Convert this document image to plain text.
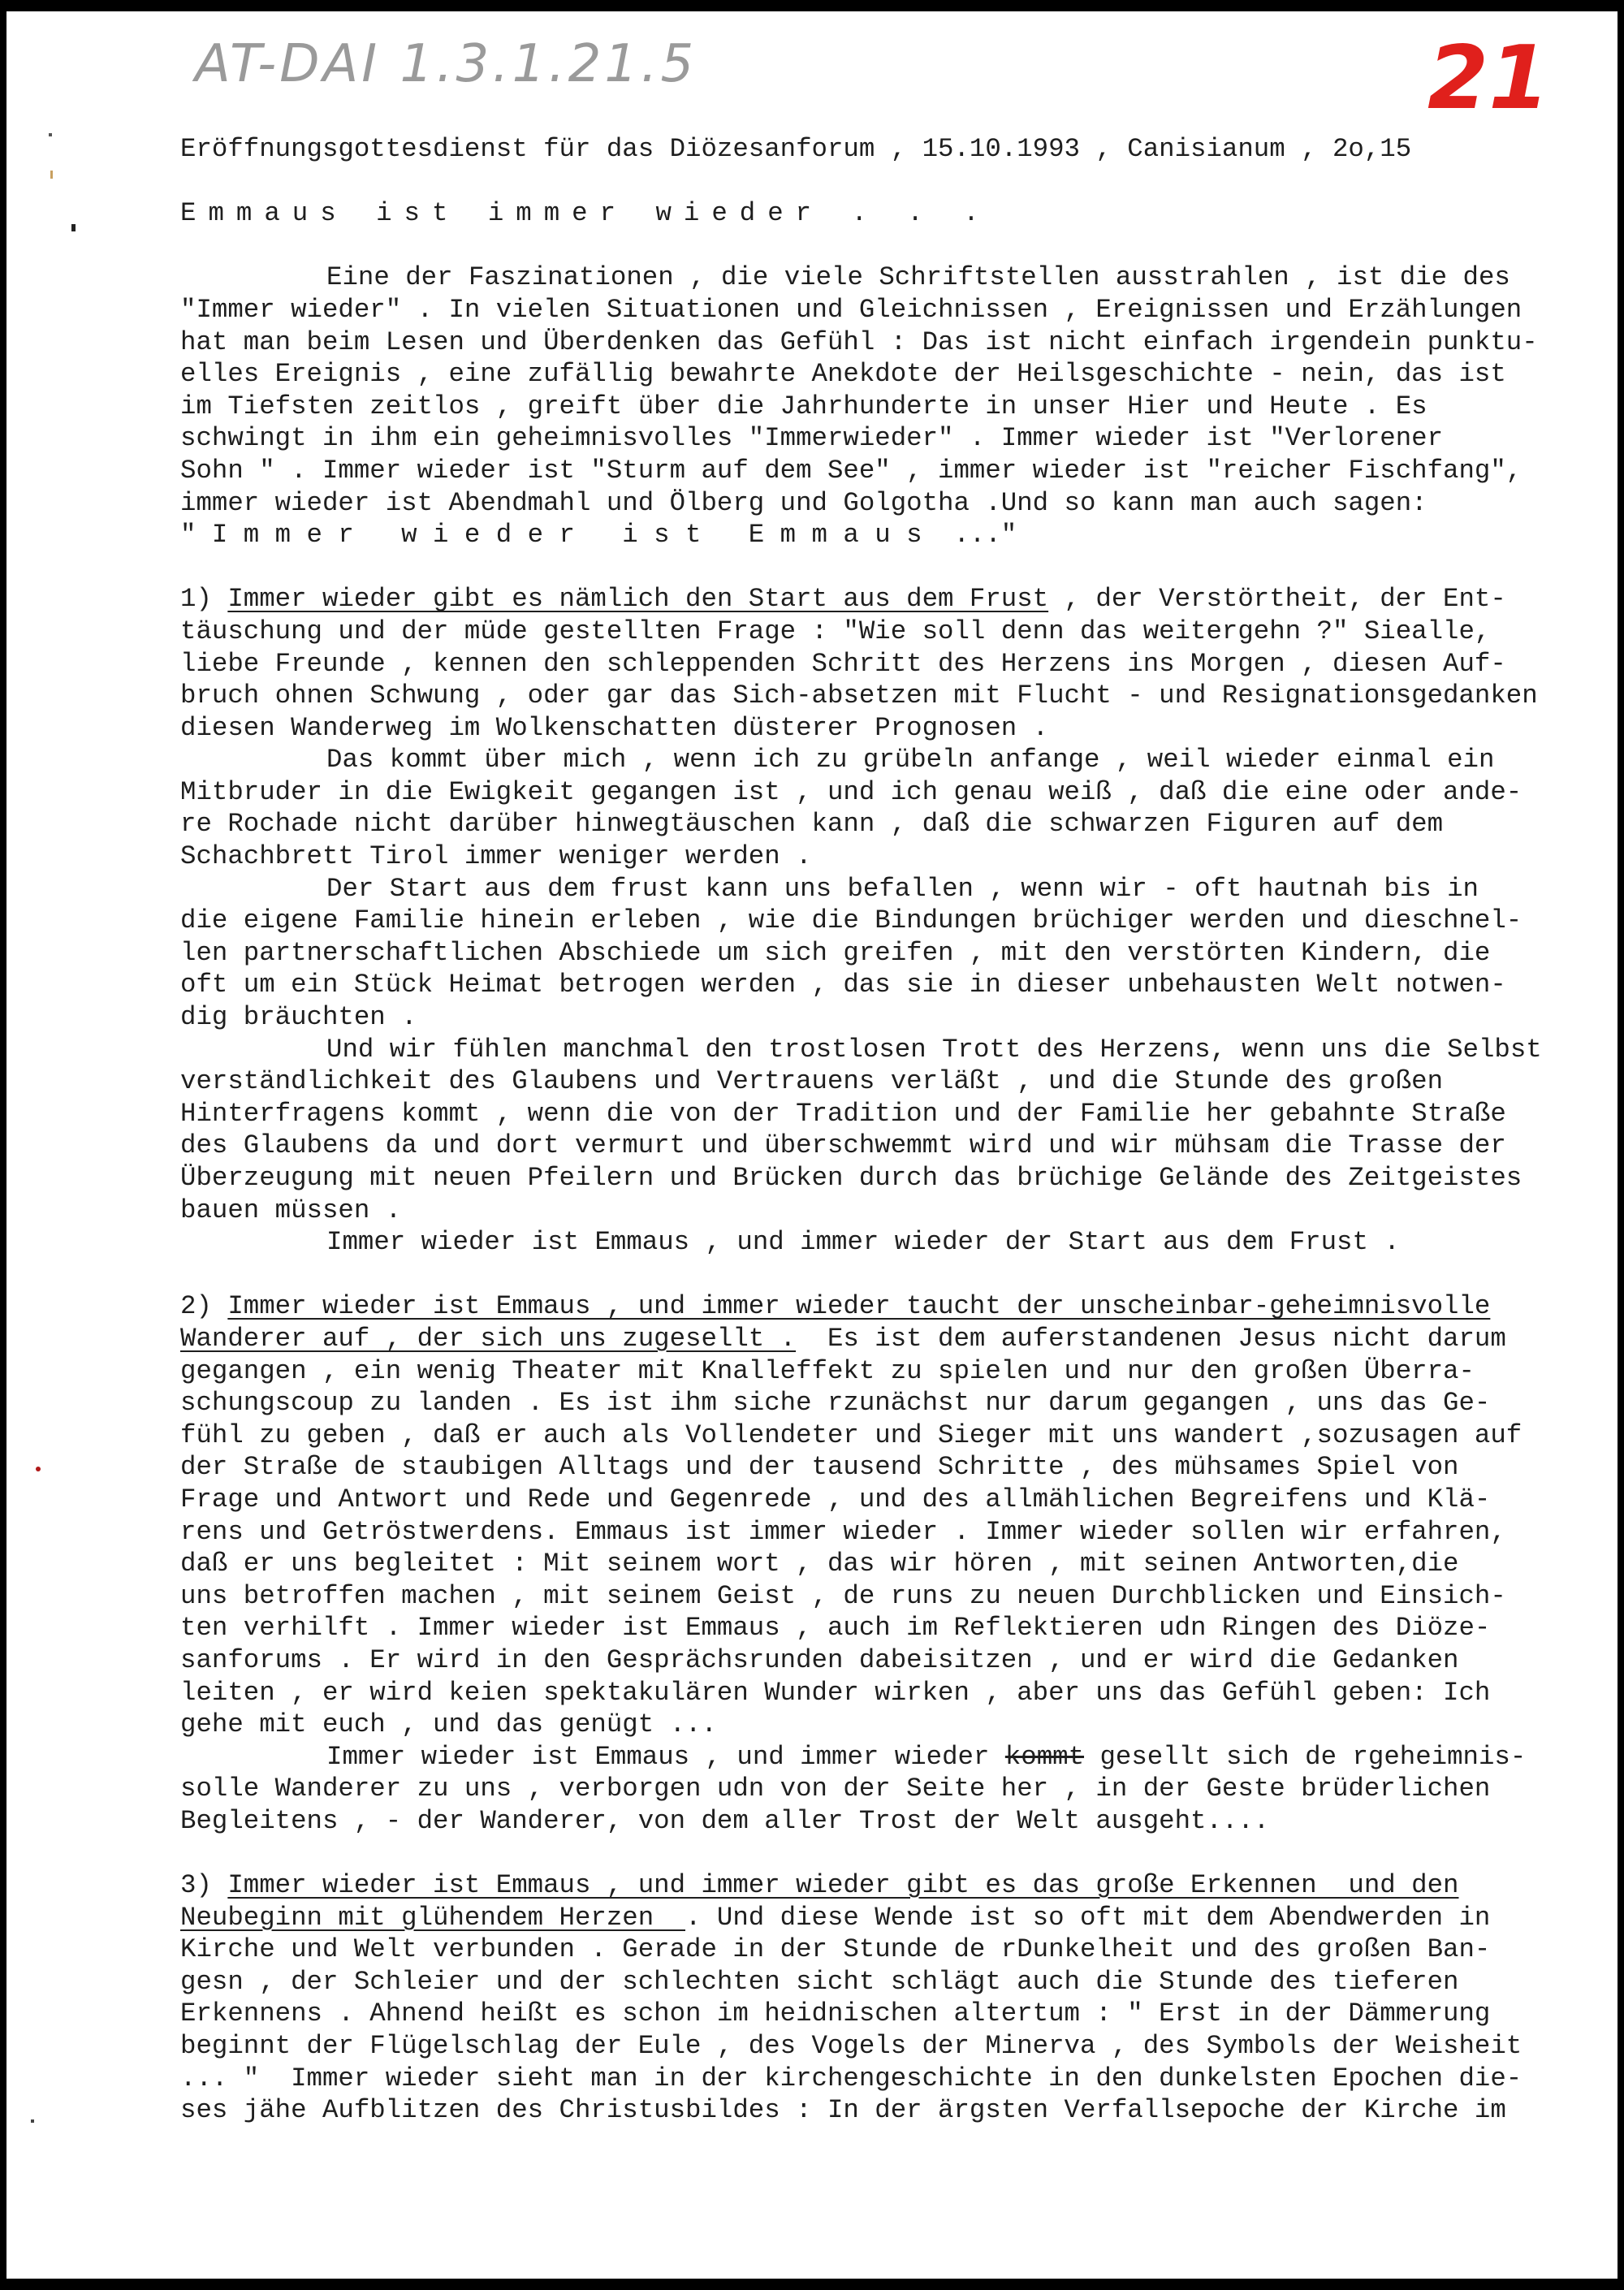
AT-DAI 1.3.1.21.5	21
Eröffnungsgottesdienst für das Diözesanforum , 15.10.1993 , Canisianum , 2o,15
Emmaus ist immer wieder . . .
Eine der Faszinationen , die viele Schriftstellen ausstrahlen , ist die des
"Immer wieder" . In vielen Situationen und Gleichnissen , Ereignissen und Erzählungen
hat man beim Lesen und Überdenken das Gefühl : Das ist nicht einfach irgendein punktu-
elles Ereignis , eine zufällig bewahrte Anekdote der Heilsgeschichte - nein, das ist
im Tiefsten zeitlos , greift über die Jahrhunderte in unser Hier und Heute . Es
schwingt in ihm ein geheimnisvolles "Immerwieder" . Immer wieder ist "Verlorener
Sohn " . Immer wieder ist "Sturm auf dem See" , immer wieder ist "reicher Fischfang",
immer wieder ist Abendmahl und Ölberg und Golgotha .Und so kann man auch sagen:
" I m m e r   w i e d e r   i s t   E m m a u s  ..."
1) Immer wieder gibt es nämlich den Start aus dem Frust , der Verstörtheit, der Ent-
täuschung und der müde gestellten Frage : "Wie soll denn das weitergehn ?" Siealle,
liebe Freunde , kennen den schleppenden Schritt des Herzens ins Morgen , diesen Auf-
bruch ohnen Schwung , oder gar das Sich-absetzen mit Flucht - und Resignationsgedanken
diesen Wanderweg im Wolkenschatten düsterer Prognosen .
Das kommt über mich , wenn ich zu grübeln anfange , weil wieder einmal ein
Mitbruder in die Ewigkeit gegangen ist , und ich genau weiß , daß die eine oder ande-
re Rochade nicht darüber hinwegtäuschen kann , daß die schwarzen Figuren auf dem
Schachbrett Tirol immer weniger werden .
Der Start aus dem frust kann uns befallen , wenn wir - oft hautnah bis in
die eigene Familie hinein erleben , wie die Bindungen brüchiger werden und dieschnel-
len partnerschaftlichen Abschiede um sich greifen , mit den verstörten Kindern, die
oft um ein Stück Heimat betrogen werden , das sie in dieser unbehausten Welt notwen-
dig bräuchten .
Und wir fühlen manchmal den trostlosen Trott des Herzens, wenn uns die Selbst
verständlichkeit des Glaubens und Vertrauens verläßt , und die Stunde des großen
Hinterfragens kommt , wenn die von der Tradition und der Familie her gebahnte Straße
des Glaubens da und dort vermurt und überschwemmt wird und wir mühsam die Trasse der
Überzeugung mit neuen Pfeilern und Brücken durch das brüchige Gelände des Zeitgeistes
bauen müssen .
Immer wieder ist Emmaus , und immer wieder der Start aus dem Frust .
2) Immer wieder ist Emmaus , und immer wieder taucht der unscheinbar-geheimnisvolle
Wanderer auf , der sich uns zugesellt .  Es ist dem auferstandenen Jesus nicht darum
gegangen , ein wenig Theater mit Knalleffekt zu spielen und nur den großen Überra-
schungscoup zu landen . Es ist ihm siche rzunächst nur darum gegangen , uns das Ge-
fühl zu geben , daß er auch als Vollendeter und Sieger mit uns wandert ,sozusagen auf
der Straße de staubigen Alltags und der tausend Schritte , des mühsames Spiel von
Frage und Antwort und Rede und Gegenrede , und des allmählichen Begreifens und Klä-
rens und Getröstwerdens. Emmaus ist immer wieder . Immer wieder sollen wir erfahren,
daß er uns begleitet : Mit seinem wort , das wir hören , mit seinen Antworten,die
uns betroffen machen , mit seinem Geist , de runs zu neuen Durchblicken und Einsich-
ten verhilft . Immer wieder ist Emmaus , auch im Reflektieren udn Ringen des Diöze-
sanforums . Er wird in den Gesprächsrunden dabeisitzen , und er wird die Gedanken
leiten , er wird keien spektakulären Wunder wirken , aber uns das Gefühl geben: Ich
gehe mit euch , und das genügt ...
Immer wieder ist Emmaus , und immer wieder kommt gesellt sich de rgeheimnis-
solle Wanderer zu uns , verborgen udn von der Seite her , in der Geste brüderlichen
Begleitens , - der Wanderer, von dem aller Trost der Welt ausgeht....
3) Immer wieder ist Emmaus , und immer wieder gibt es das große Erkennen  und den
Neubeginn mit glühendem Herzen  . Und diese Wende ist so oft mit dem Abendwerden in
Kirche und Welt verbunden . Gerade in der Stunde de rDunkelheit und des großen Ban-
gesn , der Schleier und der schlechten sicht schlägt auch die Stunde des tieferen
Erkennens . Ahnend heißt es schon im heidnischen altertum : " Erst in der Dämmerung
beginnt der Flügelschlag der Eule , des Vogels der Minerva , des Symbols der Weisheit
... "  Immer wieder sieht man in der kirchengeschichte in den dunkelsten Epochen die-
ses jähe Aufblitzen des Christusbildes : In der ärgsten Verfallsepoche der Kirche im
